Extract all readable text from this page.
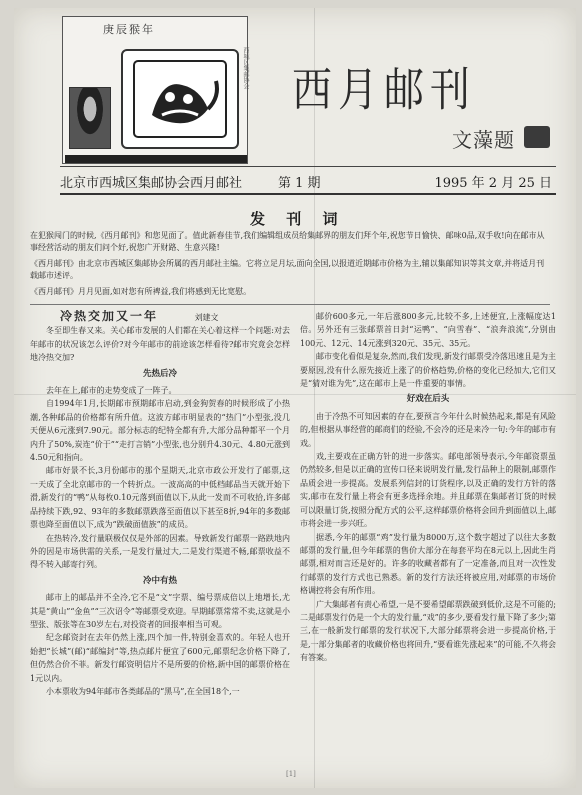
庚辰猴年
西城区集邮协会 西月邮刊
文藻题
北京市西城区集邮协会西月邮社	第 1 期	1995 年 2 月 25 日
发 刊 词
在犯猴闯门的时候,《西月邮刊》和您见面了。值此新春佳节,我们编辑组成员给集邮界的朋友们拜个年,祝您节日愉快、邮味0品,双手收!向在邮市从事经营活动的朋友们问个好,祝您广开财路、生意兴隆!
《西月邮刊》由北京市西城区集邮协会所属的西月邮社主编。它将立足月坛,面向全国,以报道近期邮市价格为主,辅以集邮知识等其文章,并将适月刊载邮市述评。
《西月邮刊》月月见面,如对您有所裨益,我们将感到无比宽慰。
冷热交加又一年	刘建文

冬至即生春又来。关心邮市发展的人们都在关心着这样一个问题:对去年邮市的状况该怎么评价?对今年邮市的前途该怎样看待?邮市究竟会怎样地冷热交加?

先热后冷

去年在上,邮市的走势变成了一阵子。

自1994年1月,长期邮市预期邮市启动,到金狗贺春的时候形成了小热潮,各种邮品的价格都有所升值。这波方邮市明显表的“热门”小型张,没几天便从6元涨到7.90元。部分标志的纪特全都有升,大部分品种都平一个月内升了50%,炭连“价于”“走打言销”小型张,也分别升4.30元、4.80元涨到4.50元和指向。

邮市好景不长,3月份邮市的那个星期天,北京市政公开发行了邮票,这一天成了全北京邮市的一个转折点。一波高高的中低档邮品当天就开始下滑,新发行的“鸭”从每枚0.10元落到面值以下,从此一发而不可收拾,许多邮品持续下跌,92、93年的多数邮票跌落至面值以下甚至8折,94年的多数邮票也降至面值以下,成为“跌破面值族”的成员。

在热转冷,发行量联极仅仅是外部的因素。导致新发行邮票一路跌地内外的因是市场供需的关系,一是发行量过大,二是发行渠道不畅,邮票收益不得不转入邮寄行列。

冷中有热

邮市上的邮品并不全冷,它不是“文”字票、编号票成倍以上地增长,尤其是“黄山”“金鱼”“三次诏令”等邮票受欢迎。早期邮票常常不卖,这就是小型张、版张等在30岁左右,对投资者的回报率相当可观。

纪念邮资封在去年仍然上涨,四个加一件,特别金喜欢的。年轻人也开始把“长城”(邮)“邮编封”等,热点邮片便宜了600元,邮票纪念价格下降了,但仍然合价不菲。新发行邮资明信片不是所要的价格,新中国的邮票价格在1元以内。

小本票收为94年邮市各类邮品的“黑马”,在全国18个,一

邮价600多元,一年后涨800多元,比较不多,上述便宜,上涨幅度达1倍。另外还有三张邮票首日封“运鸭”、“向雪春”、“浪奔浪流”,分别由100元、12元、14元涨到320元、35元、35元。

邮市变化看似是复杂,然而,我们发现,新发行邮票受冷落迅速且是为主要原因,没有什么原先接近上涨了的价格趋势,价格的变化已经加大,它们又是“猜对谁为先”,这在邮市上是一件重要的事情。

好戏在后头

由于冷热不可知因素的存在,要预言今年什么时候热起来,都是有风险的,但根据从事经营的邮商们的经验,不会冷的还是来冷一句:今年的邮市有戏。

戏,主要戏在正确方针的进一步落实。邮电部领导表示,今年邮资票虽仍然较多,但是以正确的宣传口径来说明发行量,发行品种上的限制,邮票作品质会进一步提高。发展系列信封的订货程序,以及正确的发行方针的落实,邮市在发行量上将会有更多选择余地。并且邮票在集邮者订货的时候可以限量订货,按照分配方式的公平,这样邮票价格将会回升到面值以上,邮市将会进一步兴旺。

据悉,今年的邮票“鸡”发行量为8000万,这个数字超过了以往大多数邮票的发行量,但今年邮票的售价大部分在每套平均在8元以上,因此生肖邮票,相对而言还是好的。许多的收藏者都有了一定准备,而且对一次性发行邮票的发行方式也已熟悉。新的发行方法还将被应用,对邮票的市场价格调控将会有所作用。

广大集邮者有责心希望,一是不要希望邮票跌破到低价,这是不可能的;二是邮票发行仍是一个大的发行量,“戏”的多少,要看发行量下降了多少;第三,在一般新发行邮票的发行状况下,大部分邮票将会进一步提高价格,于是,一部分集邮者的收藏价格也将回升,“要看谁先涨起来”的可能,不久将会有答案。

[1]
